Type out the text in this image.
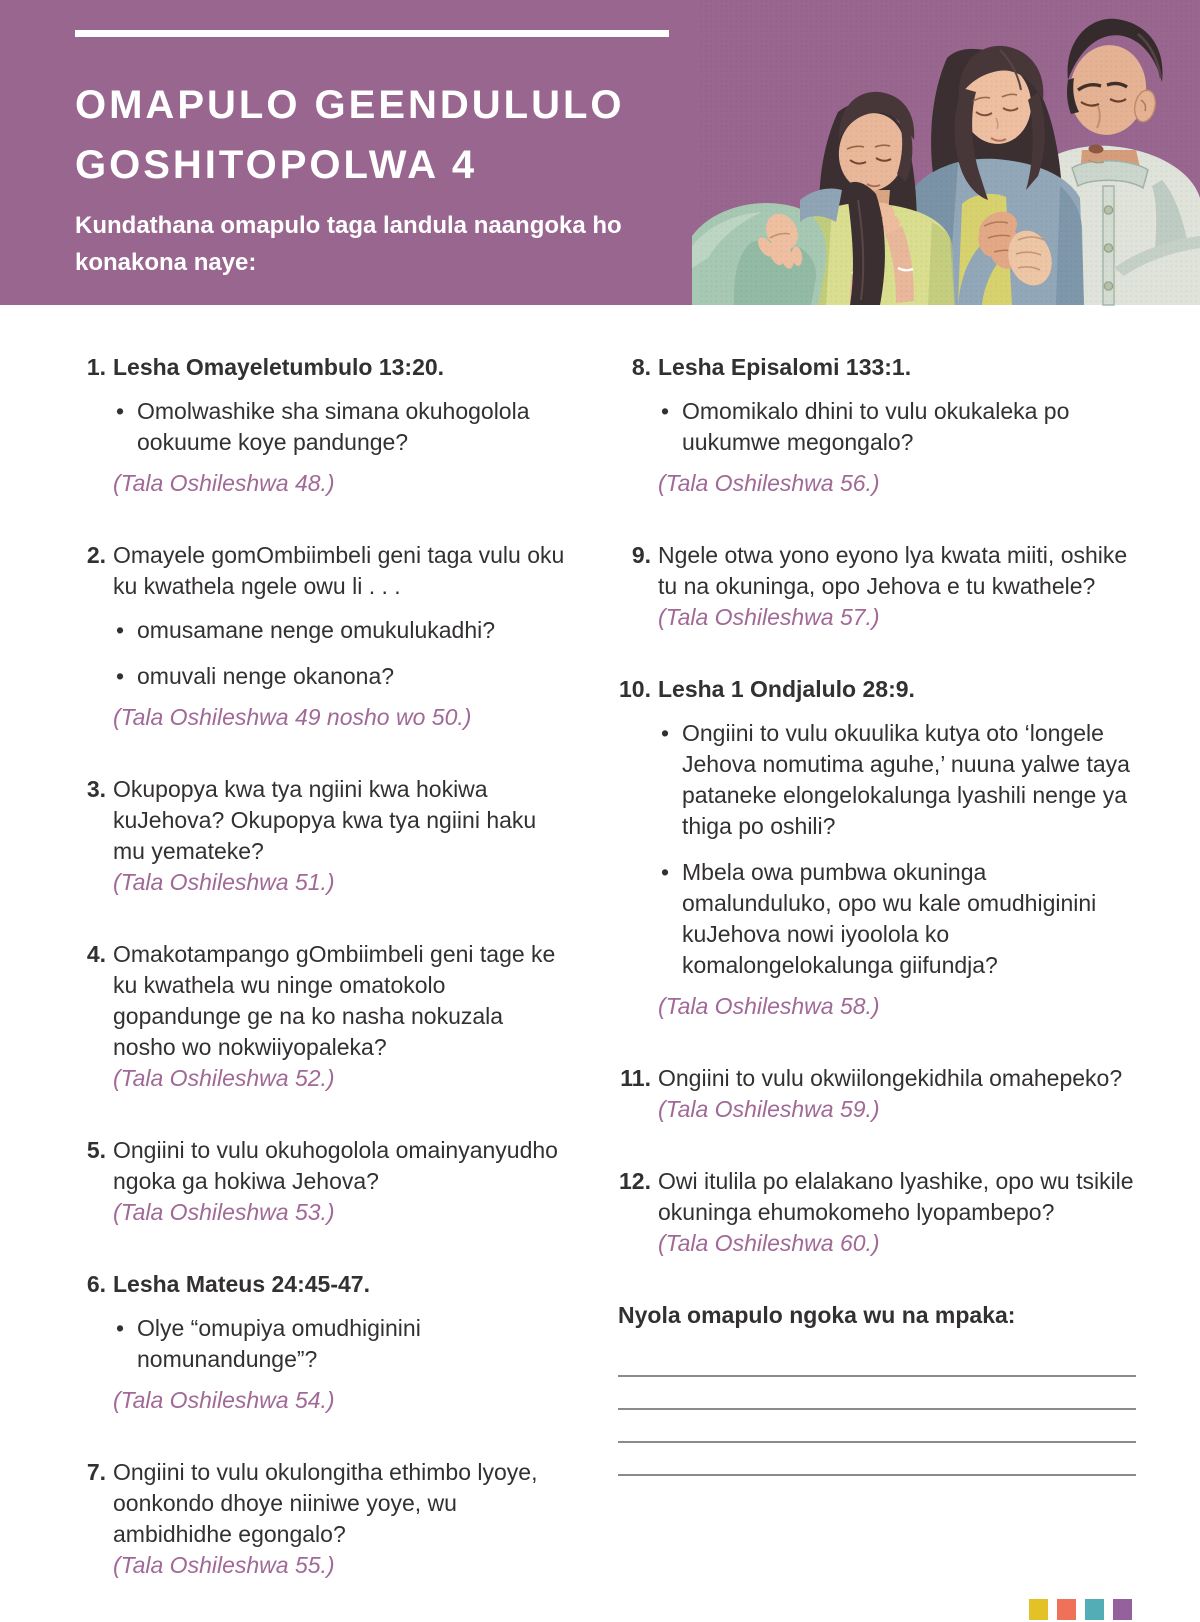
OMAPULO GEENDULULO
GOSHITOPOLWA 4

Kundathana omapulo taga landula naangoka ho konakona naye:

1. Lesha Omayeletumbulo 13:20.

• Omolwashike sha simana okuhogolola ookuume koye pandunge?

(Tala Oshileshwa 48.)

2. Omayele gomOmbiimbeli geni taga vulu oku ku kwathela ngele owu li . . .

• omusamane nenge omukulukadhi?
• omuvali nenge okanona?

(Tala Oshileshwa 49 nosho wo 50.)

3. Okupopya kwa tya ngiini kwa hokiwa kuJehova? Okupopya kwa tya ngiini haku mu yemateke?

(Tala Oshileshwa 51.)

4. Omakotampango gOmbiimbeli geni tage ke ku kwathela wu ninge omatokolo gopandunge ge na ko nasha nokuzala nosho wo nokwiiyopaleka?

(Tala Oshileshwa 52.)

5. Ongiini to vulu okuhogolola omainyanyudho ngoka ga hokiwa Jehova?

(Tala Oshileshwa 53.)

6. Lesha Mateus 24:45-47.

• Olye “omupiya omudhiginini nomunandunge”?

(Tala Oshileshwa 54.)

7. Ongiini to vulu okulongitha ethimbo lyoye, oonkondo dhoye niiniwe yoye, wu ambidhidhe egongalo?

(Tala Oshileshwa 55.)

8. Lesha Episalomi 133:1.

• Omomikalo dhini to vulu okukaleka po uukumwe megongalo?

(Tala Oshileshwa 56.)

9. Ngele otwa yono eyono lya kwata miiti, oshike tu na okuninga, opo Jehova e tu kwathele?

(Tala Oshileshwa 57.)

10. Lesha 1 Ondjalulo 28:9.

• Ongiini to vulu okuulika kutya oto ‘longele Jehova nomutima aguhe,’ nuuna yalwe taya pataneke elongelokalunga lyashili nenge ya thiga po oshili?
• Mbela owa pumbwa okuninga omalunduluko, opo wu kale omudhiginini kuJehova nowi iyoolola ko komalongelokalunga giifundja?

(Tala Oshileshwa 58.)

11. Ongiini to vulu okwiilongekidhila omahepeko?

(Tala Oshileshwa 59.)

12. Owi itulila po elalakano lyashike, opo wu tsikile okuninga ehumokomeho lyopambepo?

(Tala Oshileshwa 60.)

Nyola omapulo ngoka wu na mpaka:
